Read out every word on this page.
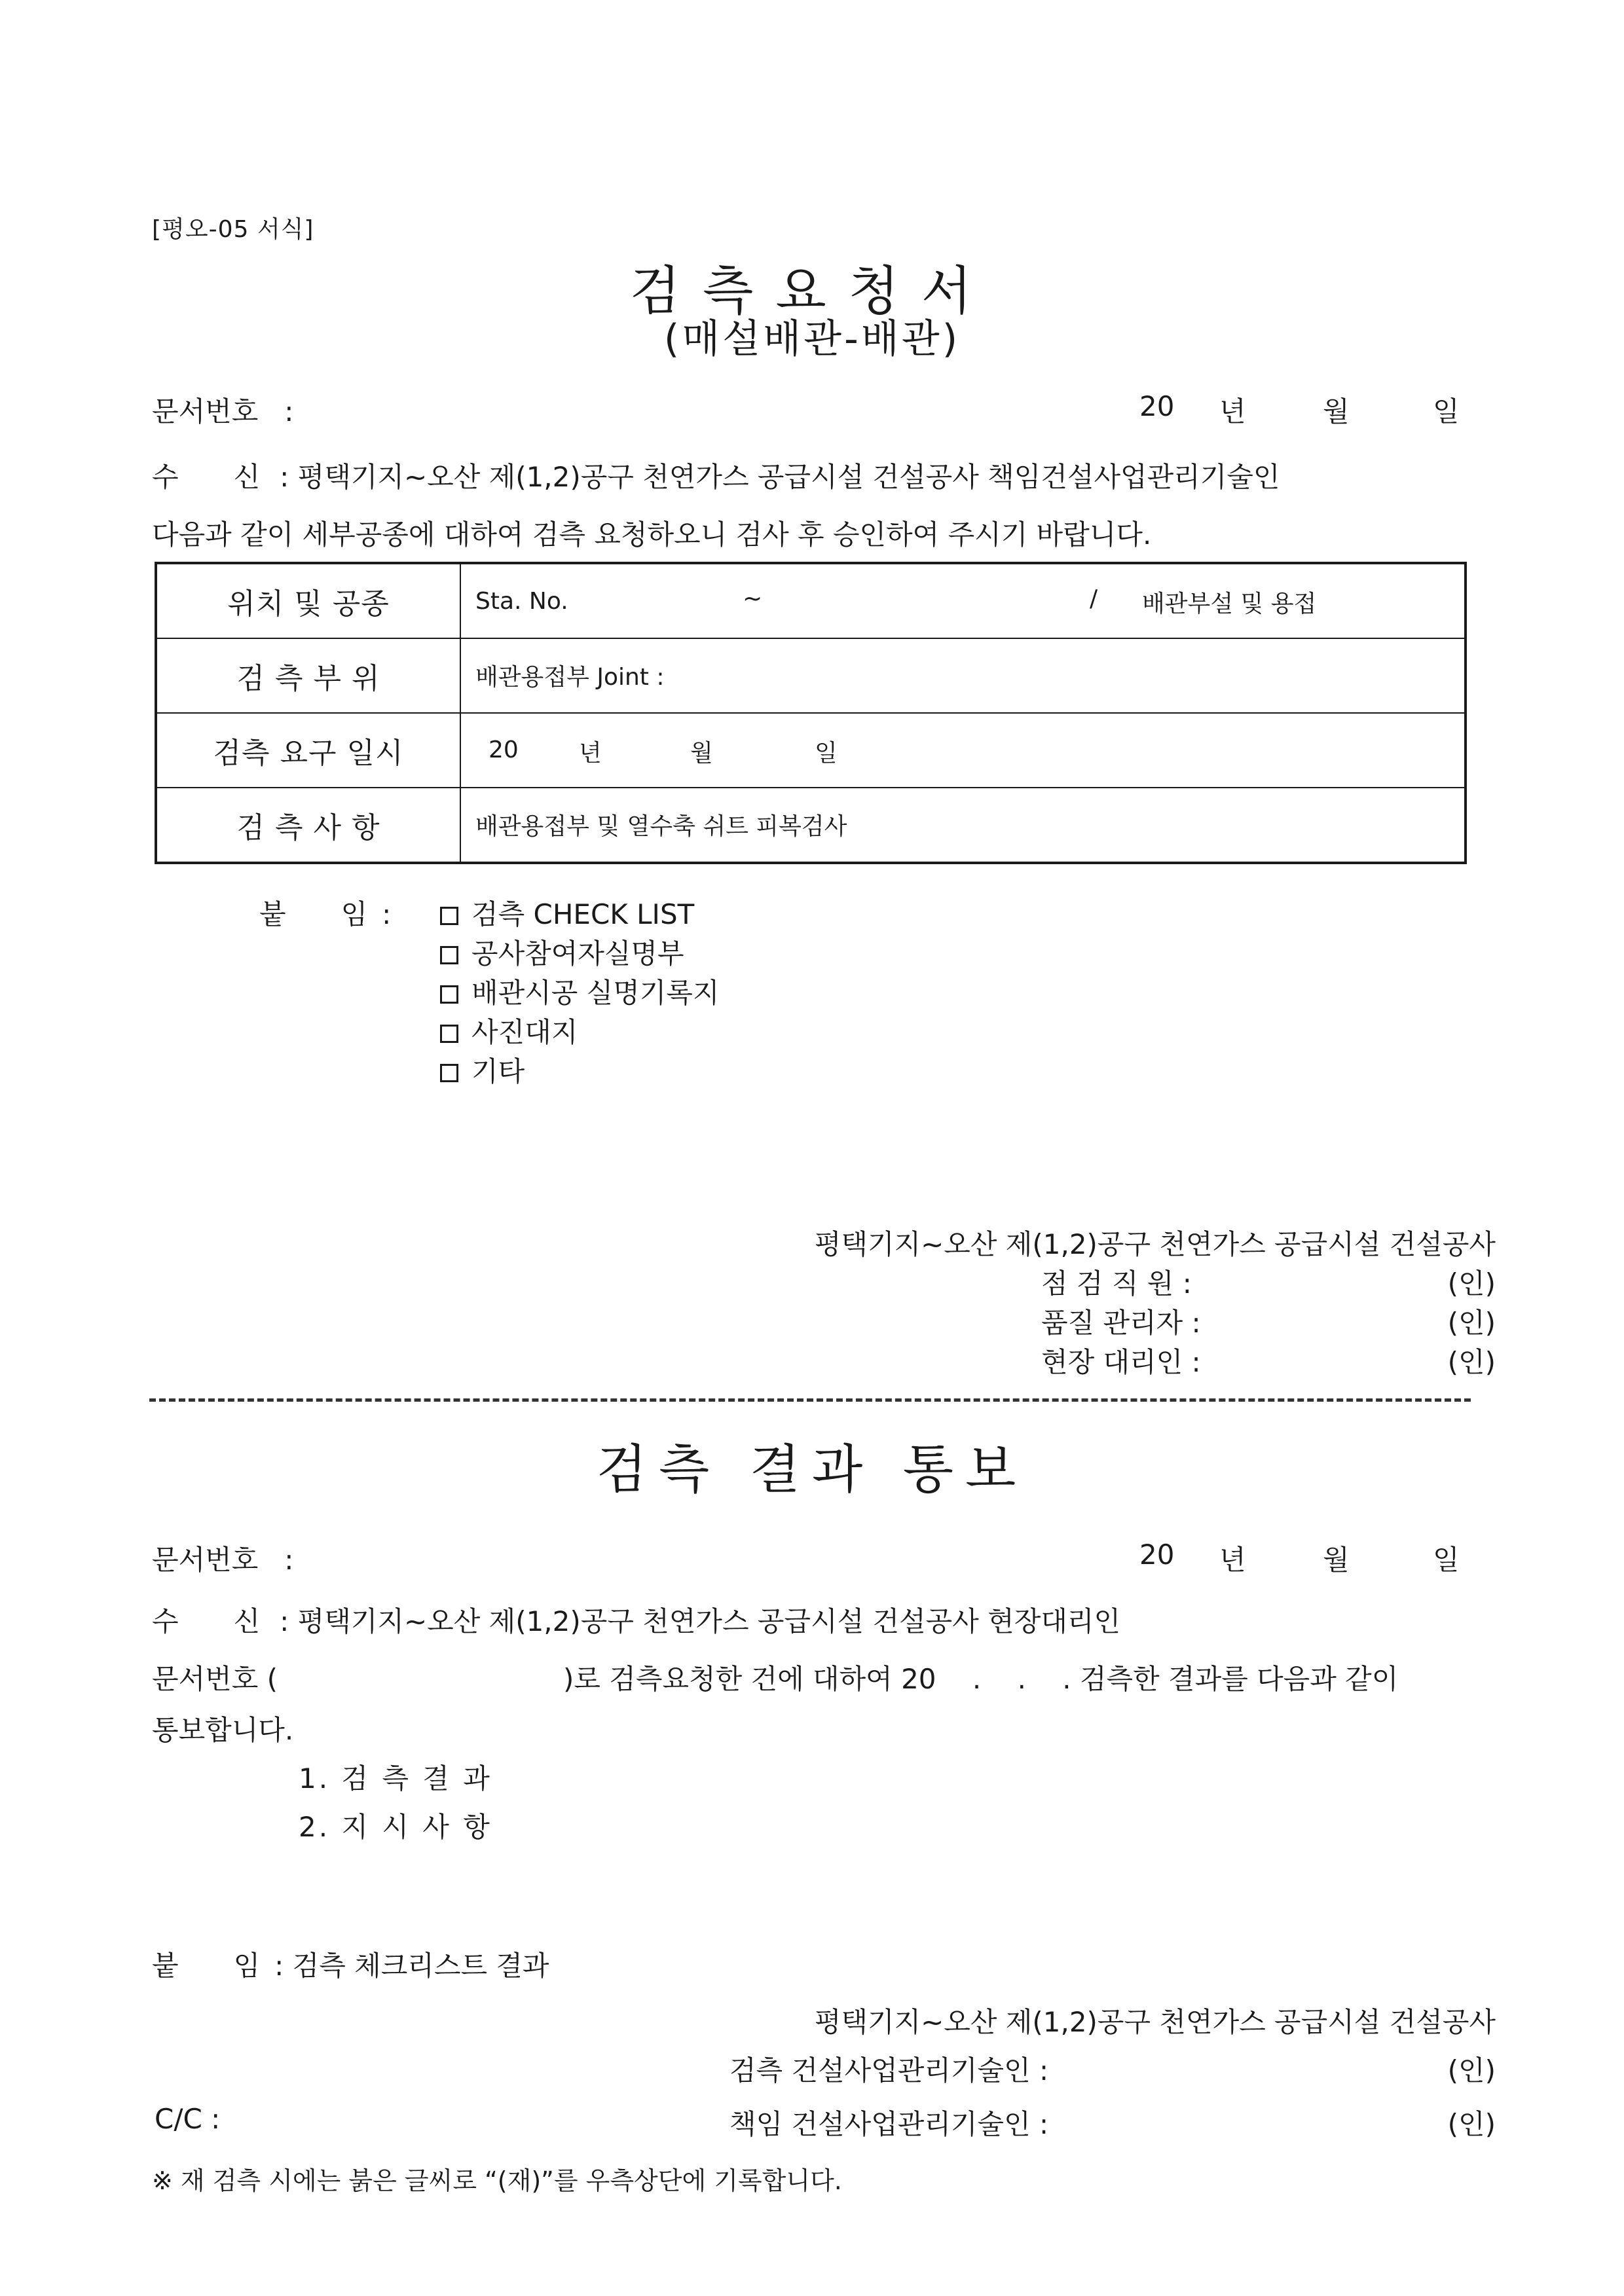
[평오-05 서식]
검측요청서
(매설배관-배관)
문서번호 :	20 년	월	일
수　　신 : 평택기지~오산 제(1,2)공구 천연가스 공급시설 건설공사 책임건설사업관리기술인
다음과 같이 세부공종에 대하여 검측 요청하오니 검사 후 승인하여 주시기 바랍니다.
위치 및 공종	Sta. No. ~ / 배관부설 및 용접

검 측 부 위	배관용접부 Joint :
검측 요구 일시	20 년 월 일

검 측 사 항	배관용접부 및 열수축 쉬트 피복검사
붙　　임 :	검측 CHECK LIST
공사참여자실명부
배관시공 실명기록지
사진대지
기타
평택기지~오산 제(1,2)공구 천연가스 공급시설 건설공사
점 검 직 원 :	(인)
품질 관리자 :	(인)
현장 대리인 :	(인)
검측 결과 통보
문서번호 :	20 년	월	일
수　　신 : 평택기지~오산 제(1,2)공구 천연가스 공급시설 건설공사 현장대리인
문서번호 (	)로 검측요청한 건에 대하여 20　 .　 .　 . 검측한 결과를 다음과 같이
통보합니다.
1. 검 측 결 과
2. 지 시 사 항
붙　　임 : 검측 체크리스트 결과
평택기지~오산 제(1,2)공구 천연가스 공급시설 건설공사
검측 건설사업관리기술인 :	(인)
C/C :	책임 건설사업관리기술인 :	(인)
※ 재 검측 시에는 붉은 글씨로 “(재)”를 우측상단에 기록합니다.
